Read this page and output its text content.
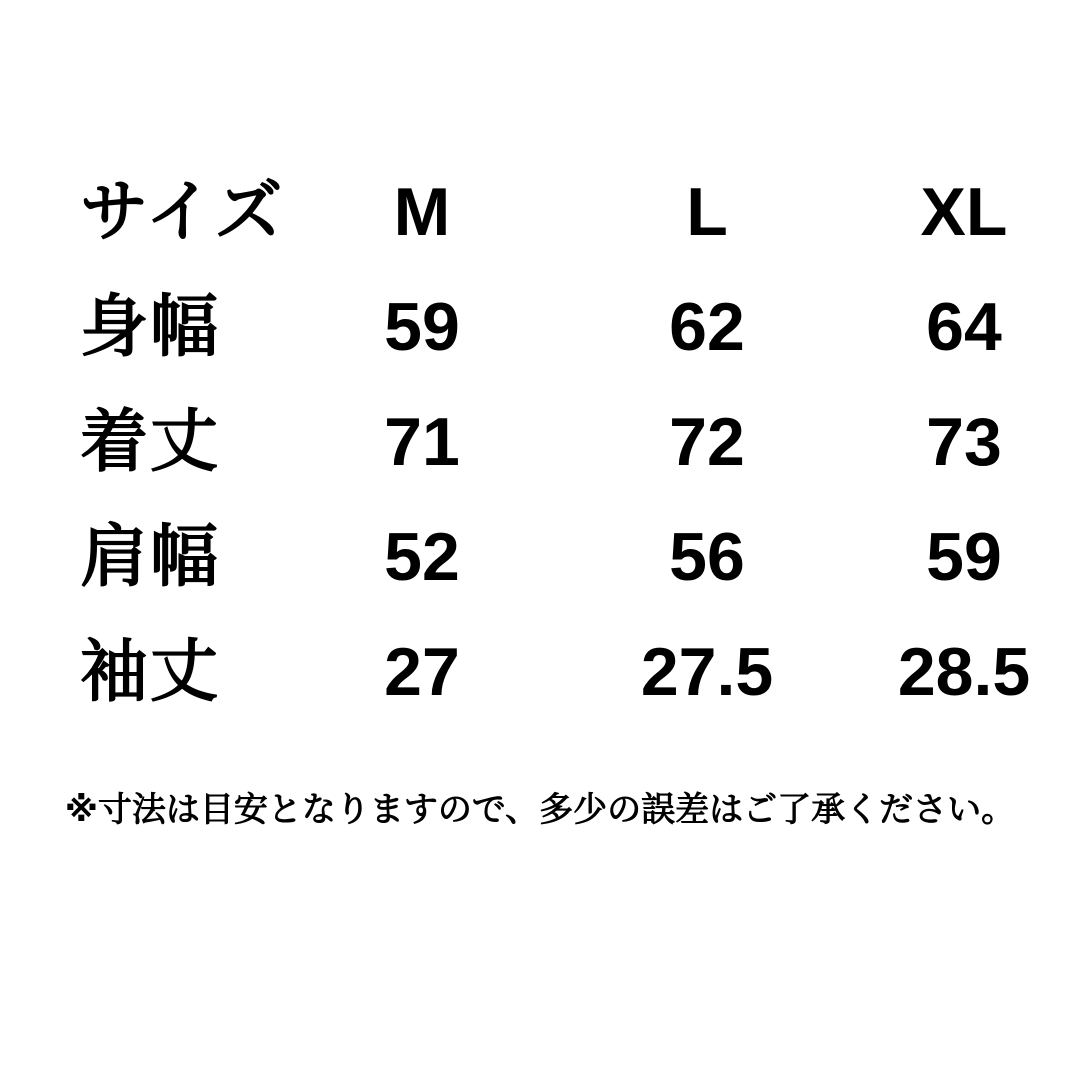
サイズ	M	L	XL
身幅	59	62	64
着丈	71	72	73
肩幅	52	56	59
袖丈	27	27.5	28.5
※寸法は目安となりますので、多少の誤差はご了承ください。
